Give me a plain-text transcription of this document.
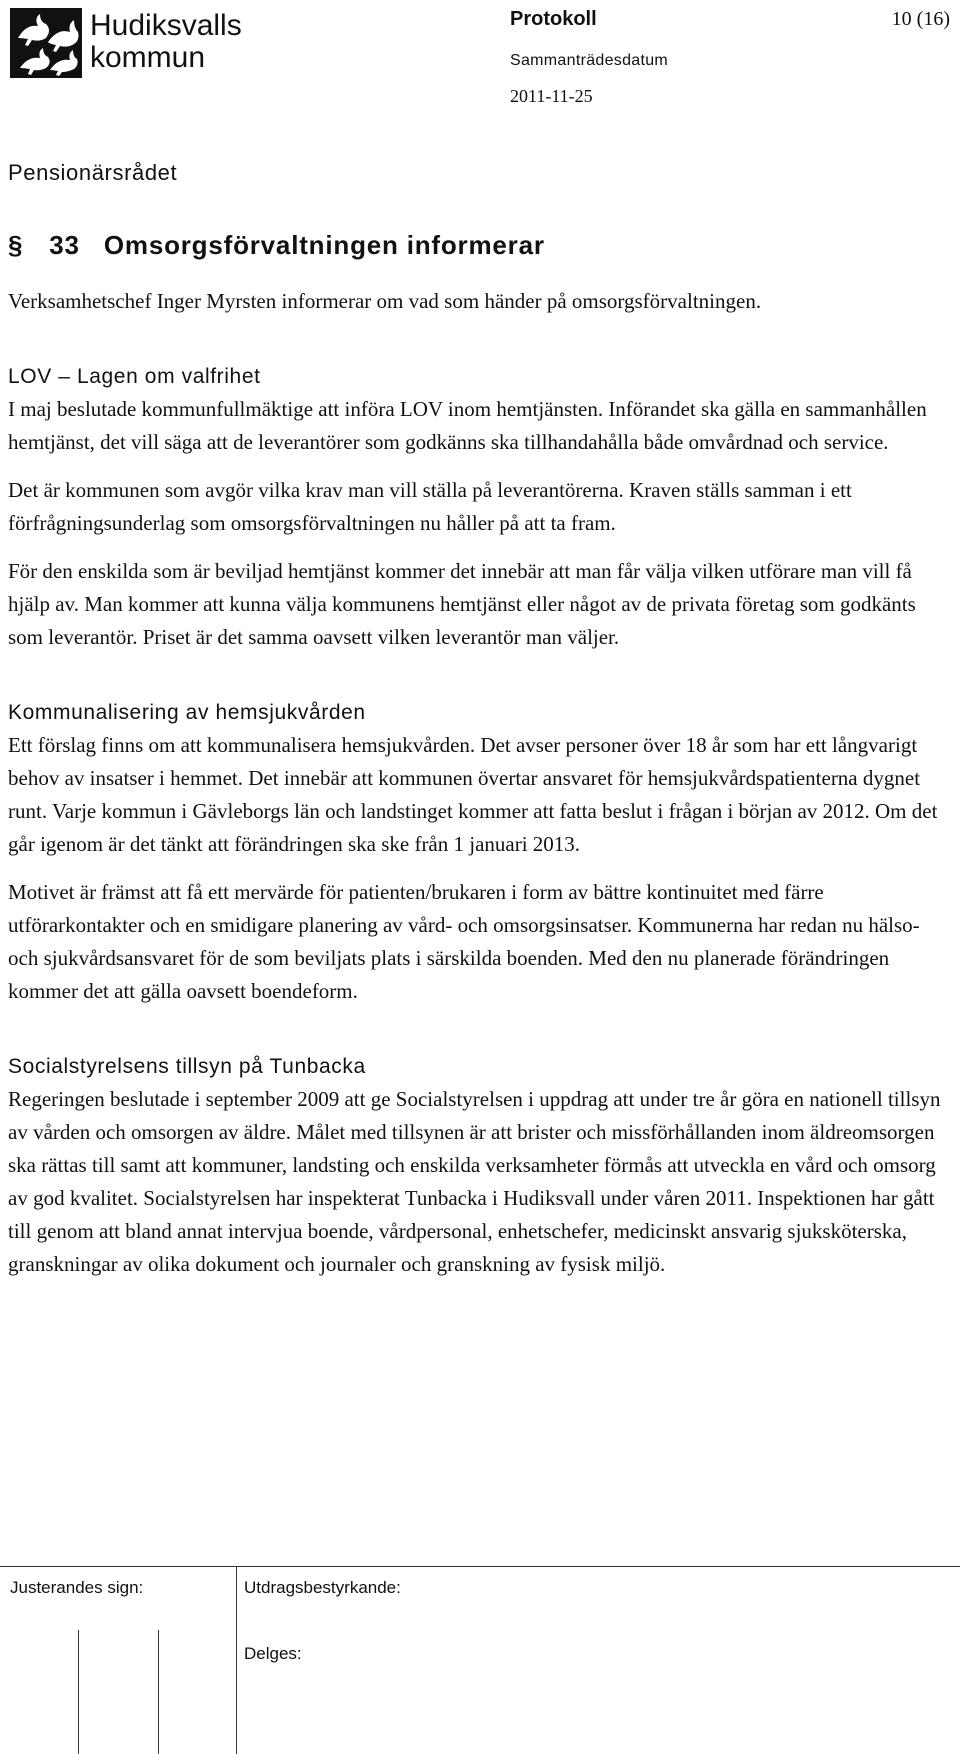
Hudiksvalls
kommun
Protokoll	10 (16)
Sammanträdesdatum
2011-11-25
Pensionärsrådet
§ 33 Omsorgsförvaltningen informerar

Verksamhetschef Inger Myrsten informerar om vad som händer på omsorgsförvaltningen.

LOV – Lagen om valfrihet

I maj beslutade kommunfullmäktige att införa LOV inom hemtjänsten. Införandet ska gälla en sammanhållen hemtjänst, det vill säga att de leverantörer som godkänns ska tillhandahålla både omvårdnad och service.

Det är kommunen som avgör vilka krav man vill ställa på leverantörerna. Kraven ställs samman i ett förfrågningsunderlag som omsorgsförvaltningen nu håller på att ta fram.

För den enskilda som är beviljad hemtjänst kommer det innebär att man får välja vilken utförare man vill få hjälp av. Man kommer att kunna välja kommunens hemtjänst eller något av de privata företag som godkänts som leverantör. Priset är det samma oavsett vilken leverantör man väljer.

Kommunalisering av hemsjukvården

Ett förslag finns om att kommunalisera hemsjukvården. Det avser personer över 18 år som har ett långvarigt behov av insatser i hemmet. Det innebär att kommunen övertar ansvaret för hemsjukvårdspatienterna dygnet runt. Varje kommun i Gävleborgs län och landstinget kommer att fatta beslut i frågan i början av 2012. Om det går igenom är det tänkt att förändringen ska ske från 1 januari 2013.

Motivet är främst att få ett mervärde för patienten/brukaren i form av bättre kontinuitet med färre utförarkontakter och en smidigare planering av vård- och omsorgsinsatser. Kommunerna har redan nu hälso- och sjukvårdsansvaret för de som beviljats plats i särskilda boenden. Med den nu planerade förändringen kommer det att gälla oavsett boendeform.

Socialstyrelsens tillsyn på Tunbacka

Regeringen beslutade i september 2009 att ge Socialstyrelsen i uppdrag att under tre år göra en nationell tillsyn av vården och omsorgen av äldre. Målet med tillsynen är att brister och missförhållanden inom äldreomsorgen ska rättas till samt att kommuner, landsting och enskilda verksamheter förmås att utveckla en vård och omsorg av god kvalitet. Socialstyrelsen har inspekterat Tunbacka i Hudiksvall under våren 2011. Inspektionen har gått till genom att bland annat intervjua boende, vårdpersonal, enhetschefer, medicinskt ansvarig sjuksköterska, granskningar av olika dokument och journaler och granskning av fysisk miljö.

Justerandes sign:	Utdragsbestyrkande:
Delges:
